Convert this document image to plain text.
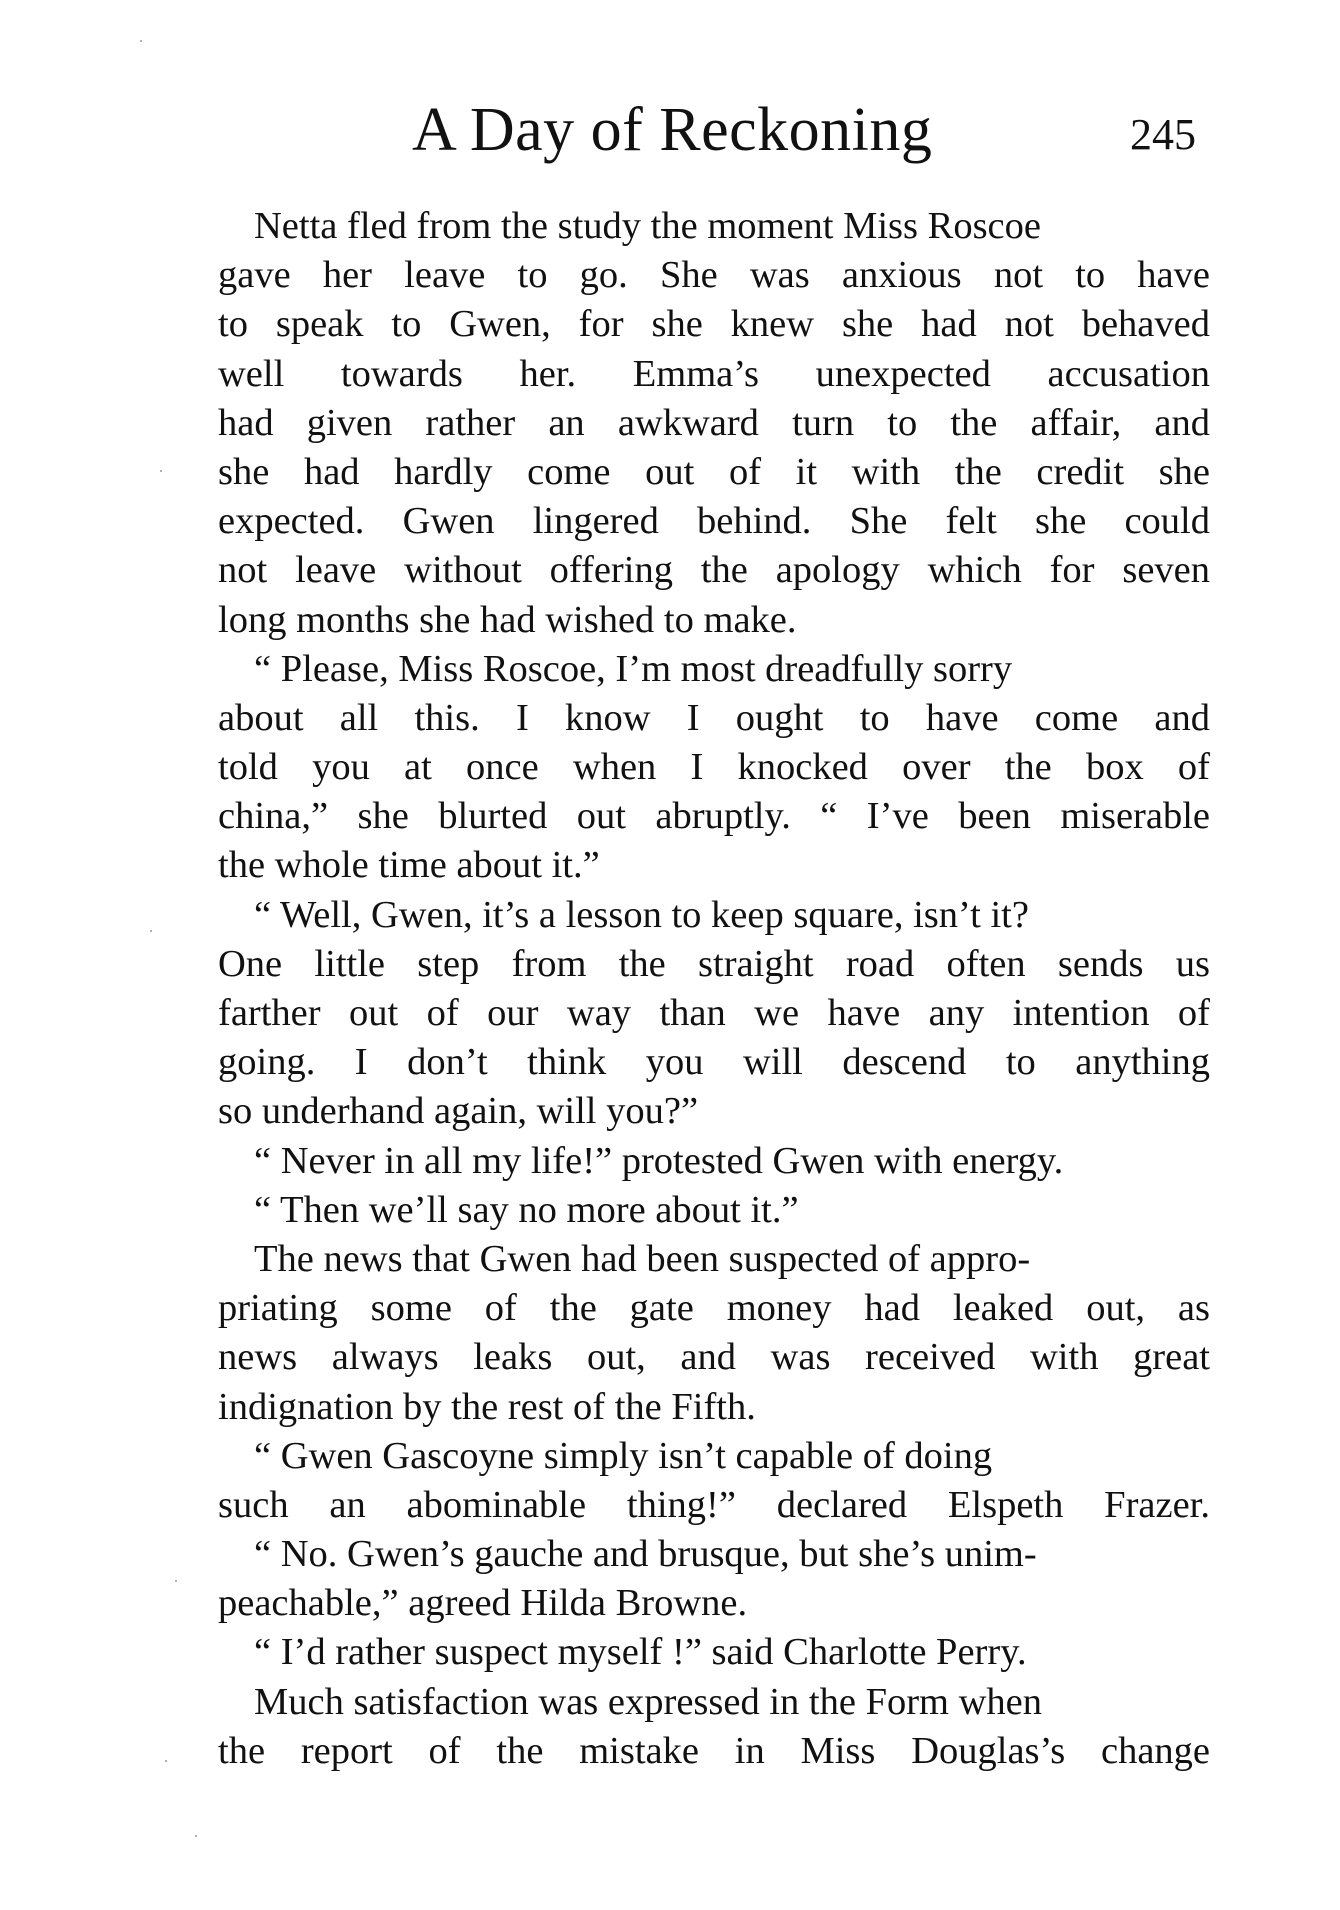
A Day of Reckoning	245
Netta fled from the study the moment Miss Roscoe
gave her leave to go. She was anxious not to have
to speak to Gwen, for she knew she had not behaved
well towards her. Emma’s unexpected accusation
had given rather an awkward turn to the affair, and
she had hardly come out of it with the credit she
expected. Gwen lingered behind. She felt she could
not leave without offering the apology which for seven
long months she had wished to make.
“ Please, Miss Roscoe, I’m most dreadfully sorry
about all this. I know I ought to have come and
told you at once when I knocked over the box of
china,” she blurted out abruptly. “ I’ve been miserable
the whole time about it.”
“ Well, Gwen, it’s a lesson to keep square, isn’t it?
One little step from the straight road often sends us
farther out of our way than we have any intention of
going. I don’t think you will descend to anything
so underhand again, will you?”
“ Never in all my life!” protested Gwen with energy.
“ Then we’ll say no more about it.”
The news that Gwen had been suspected of appro-
priating some of the gate money had leaked out, as
news always leaks out, and was received with great
indignation by the rest of the Fifth.
“ Gwen Gascoyne simply isn’t capable of doing
such an abominable thing!” declared Elspeth Frazer.
“ No. Gwen’s gauche and brusque, but she’s unim-
peachable,” agreed Hilda Browne.
“ I’d rather suspect myself !” said Charlotte Perry.
Much satisfaction was expressed in the Form when
the report of the mistake in Miss Douglas’s change
